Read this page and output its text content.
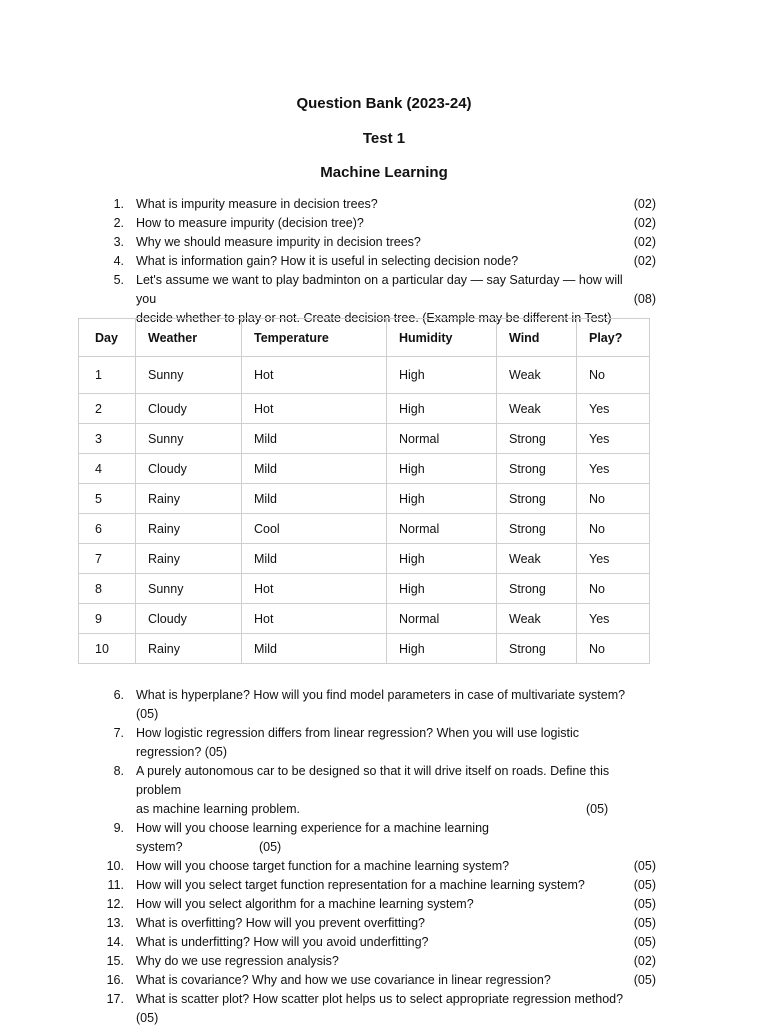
Question Bank (2023-24)
Test 1
Machine Learning
1. What is impurity measure in decision trees?	(02)
2. How to measure impurity (decision tree)?	(02)
3. Why we should measure impurity in decision trees?	(02)
4. What is information gain? How it is useful in selecting decision node?	(02)
5. Let's assume we want to play badminton on a particular day — say Saturday — how will you
decide whether to play or not. Create decision tree. (Example may be different in Test)
(08)
Day	Weather	Temperature	Humidity	Wind	Play?
1	Sunny	Hot	High	Weak	No
2	Cloudy	Hot	High	Weak	Yes
3	Sunny	Mild	Normal	Strong	Yes
4	Cloudy	Mild	High	Strong	Yes
5	Rainy	Mild	High	Strong	No
6	Rainy	Cool	Normal	Strong	No
7	Rainy	Mild	High	Weak	Yes
8	Sunny	Hot	High	Strong	No
9	Cloudy	Hot	Normal	Weak	Yes
10	Rainy	Mild	High	Strong	No
6. What is hyperplane? How will you find model parameters in case of multivariate system? (05)
7. How logistic regression differs from linear regression? When you will use logistic regression? (05)
8. A purely autonomous car to be designed so that it will drive itself on roads. Define this problem
as machine learning problem.	(05)
9. How will you choose learning experience for a machine learning system?	(05)
10. How will you choose target function for a machine learning system?	(05)
11. How will you select target function representation for a machine learning system?	(05)
12. How will you select algorithm for a machine learning system?	(05)
13. What is overfitting? How will you prevent overfitting?	(05)
14. What is underfitting? How will you avoid underfitting?	(05)
15. Why do we use regression analysis?	(02)
16. What is covariance? Why and how we use covariance in linear regression?	(05)
17. What is scatter plot? How scatter plot helps us to select appropriate regression method?(05)
